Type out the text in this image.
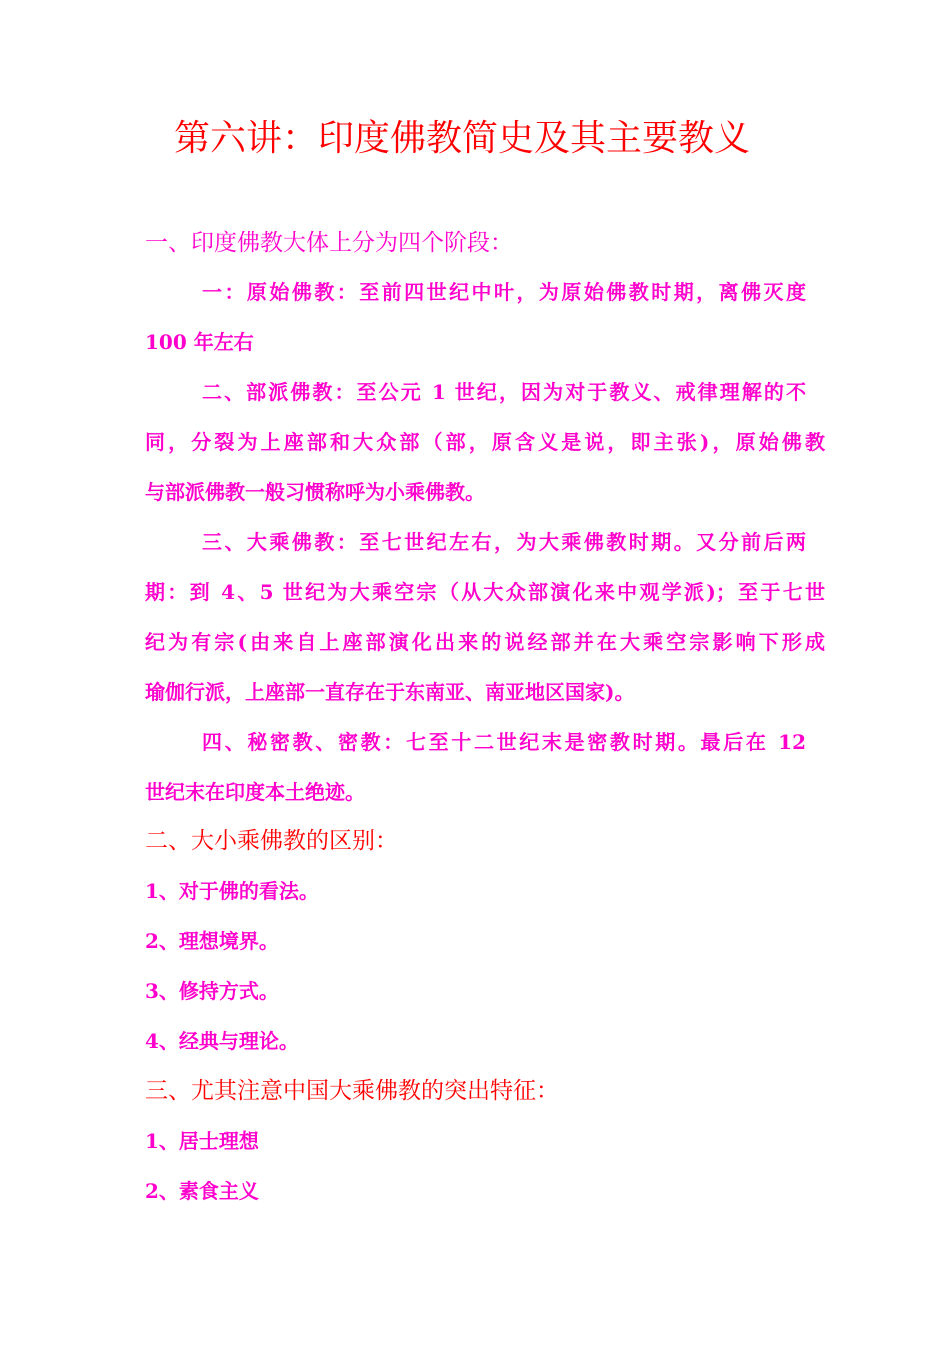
第六讲：印度佛教简史及其主要教义
一、印度佛教大体上分为四个阶段：
一：原始佛教：至前四世纪中叶，为原始佛教时期，离佛灭度
100 年左右
二、部派佛教：至公元 1 世纪，因为对于教义、戒律理解的不
同，分裂为上座部和大众部（部，原含义是说，即主张)，原始佛教
与部派佛教一般习惯称呼为小乘佛教。
三、大乘佛教：至七世纪左右，为大乘佛教时期。又分前后两
期：到 4、5 世纪为大乘空宗（从大众部演化来中观学派)；至于七世
纪为有宗(由来自上座部演化出来的说经部并在大乘空宗影响下形成
瑜伽行派，上座部一直存在于东南亚、南亚地区国家)。
四、秘密教、密教：七至十二世纪末是密教时期。最后在 12
世纪末在印度本土绝迹。
二、大小乘佛教的区别：
1、对于佛的看法。
2、理想境界。
3、修持方式。
4、经典与理论。
三、尤其注意中国大乘佛教的突出特征：
1、居士理想
2、素食主义
